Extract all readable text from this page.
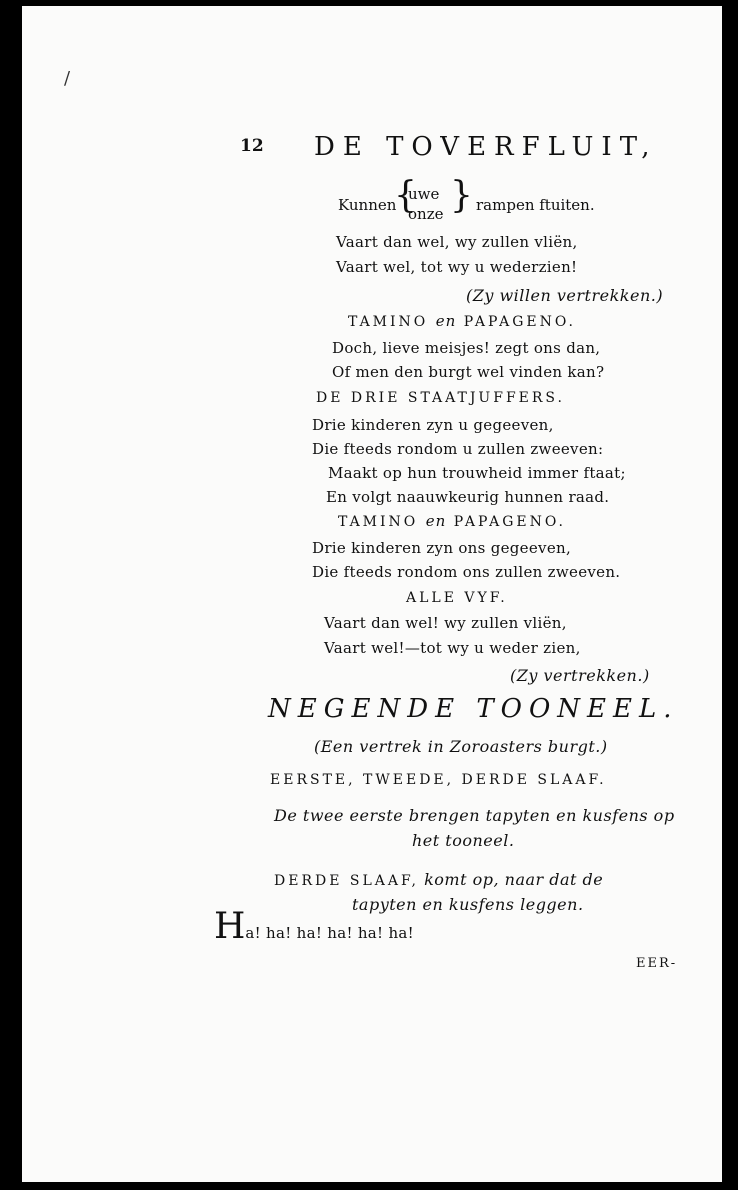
/
12 DE TOVERFLUIT,
Kunnen
{
uwe
onze } rampen ftuiten.
Vaart dan wel, wy zullen vliën,
Vaart wel, tot wy u wederzien!
(Zy willen vertrekken.)
TAMINO en PAPAGENO.
Doch, lieve meisjes! zegt ons dan,
Of men den burgt wel vinden kan?
DE DRIE STAATJUFFERS.
Drie kinderen zyn u gegeeven,
Die fteeds rondom u zullen zweeven:
Maakt op hun trouwheid immer ftaat;
En volgt naauwkeurig hunnen raad.
TAMINO en PAPAGENO.
Drie kinderen zyn ons gegeeven,
Die fteeds rondom ons zullen zweeven.
ALLE VYF.
Vaart dan wel! wy zullen vliën,
Vaart wel!—tot wy u weder zien,
(Zy vertrekken.)
NEGENDE TOONEEL.
(Een vertrek in Zoroasters burgt.)
EERSTE, TWEEDE, DERDE SLAAF.
De twee eerste brengen tapyten en kusfens op
het tooneel.
DERDE SLAAF, komt op, naar dat de
tapyten en kusfens leggen.
Ha! ha! ha! ha! ha! ha!
EER-
